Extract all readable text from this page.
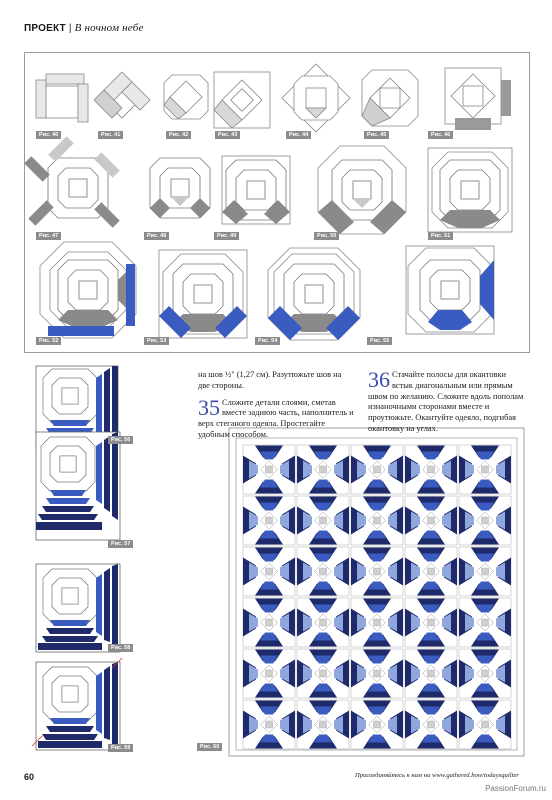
ПРОЕКТ | В ночном небе
Рис. 40	Рис. 41	Рис. 42	Рис. 43	Рис. 44	Рис. 45	Рис. 46
Рис. 47	Рис. 48	Рис. 49	Рис. 50	Рис. 51
Рис. 52	Рис. 53	Рис. 54	Рис. 55
Рис. 56
Рис. 57
Рис. 58
Рис. 59	Рис. 60

на шов ½" (1,27 см). Разутюжьте шов на две стороны.

35 Сложите детали слоями, сметав вместе задиюю часть, наполнитель и верх стеганого одеяла. Простегайте удобным способом.
36 Стачайте полосы для окантовки встык диагональным или прямым швом по желанию. Сложите вдоль пополам изнаночными сторонами вместе и проутюжьте. Окантуйте одеяло, подгибая окантовку на углах.
60	Присоединяйтесь к нам на www.gathered.how/todaysquilter
PassionForum.ru
